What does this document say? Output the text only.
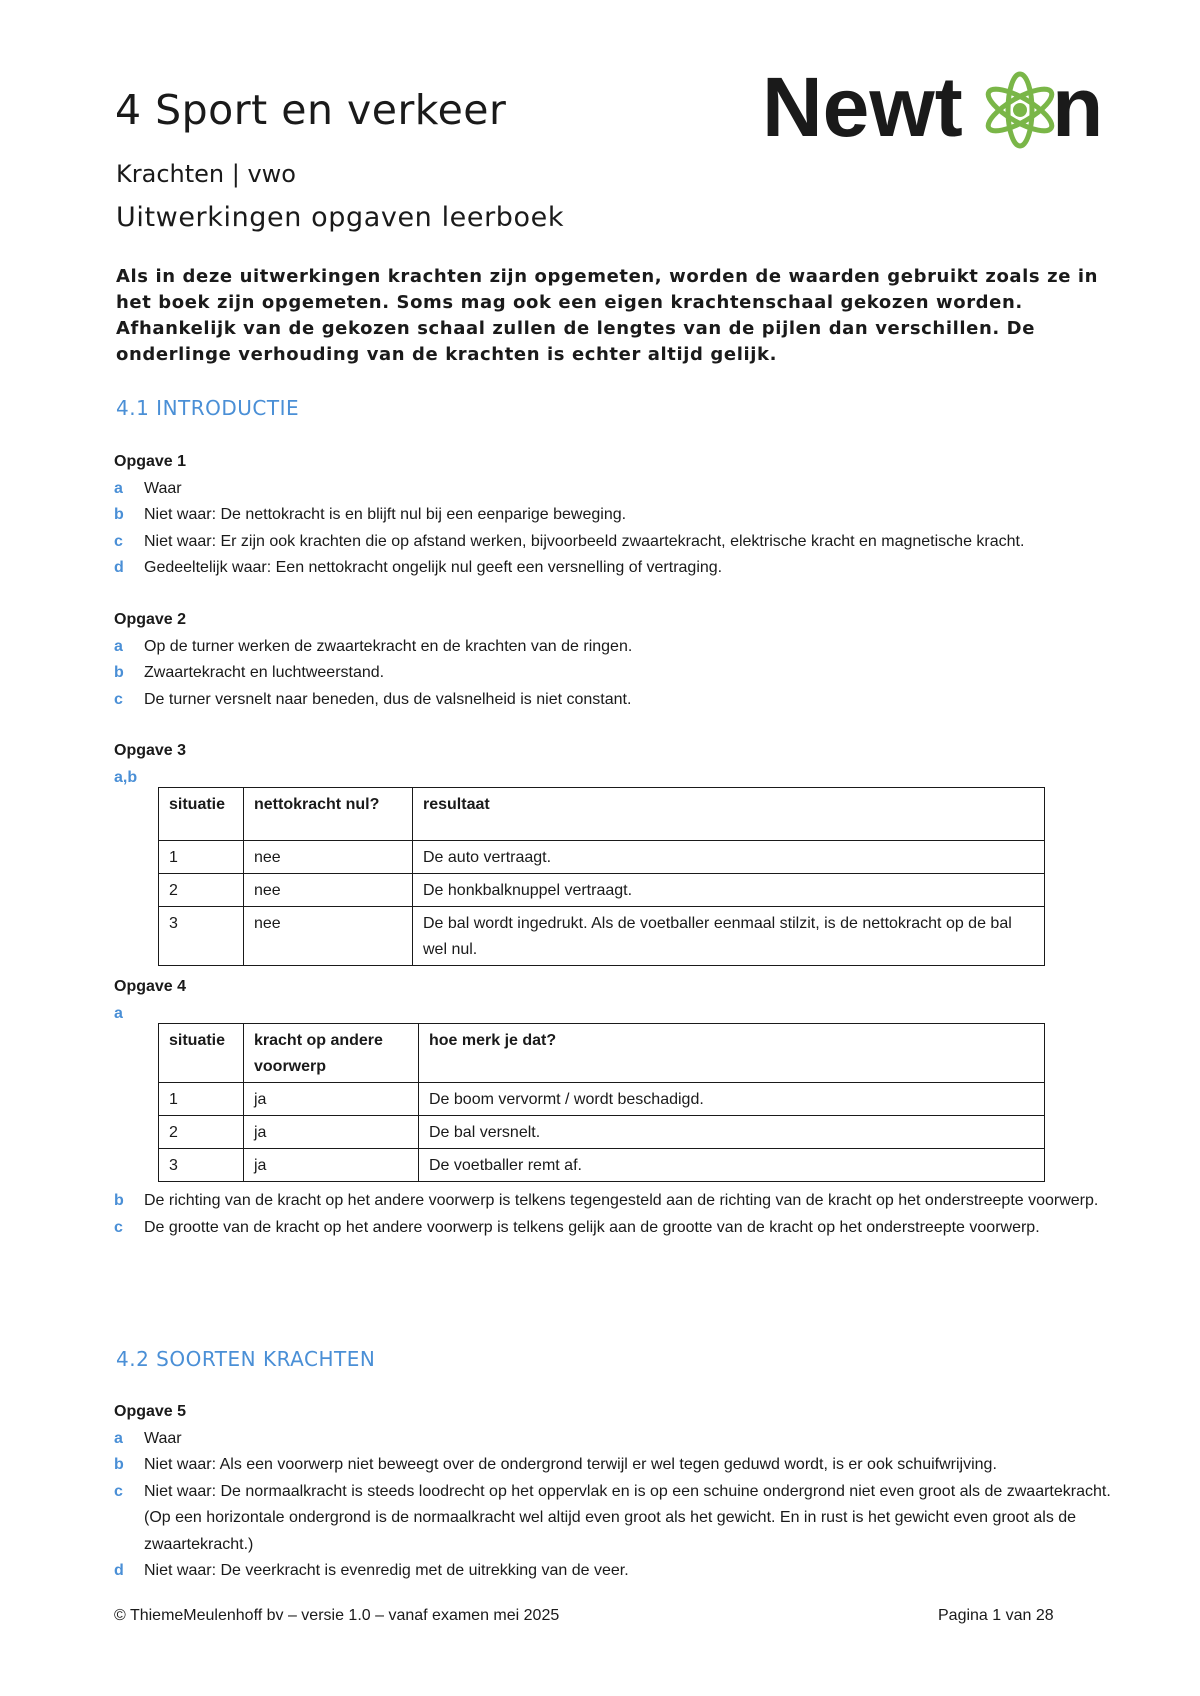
4 Sport en verkeer	Newt n
Krachten | vwo
Uitwerkingen opgaven leerboek

Als in deze uitwerkingen krachten zijn opgemeten, worden de waarden gebruikt zoals ze in het boek zijn opgemeten. Soms mag ook een eigen krachtenschaal gekozen worden. Afhankelijk van de gekozen schaal zullen de lengtes van de pijlen dan verschillen. De onderlinge verhouding van de krachten is echter altijd gelijk.

4.1 INTRODUCTIE

Opgave 1

a Waar

b Niet waar: De nettokracht is en blijft nul bij een eenparige beweging.

c Niet waar: Er zijn ook krachten die op afstand werken, bijvoorbeeld zwaartekracht, elektrische kracht en magnetische kracht.

d Gedeeltelijk waar: Een nettokracht ongelijk nul geeft een versnelling of vertraging.

Opgave 2

a Op de turner werken de zwaartekracht en de krachten van de ringen.

b Zwaartekracht en luchtweerstand.

c De turner versnelt naar beneden, dus de valsnelheid is niet constant.

Opgave 3

a,b

situatie	nettokracht nul?	resultaat
1	nee	De auto vertraagt.
2	nee	De honkbalknuppel vertraagt.
3	nee	De bal wordt ingedrukt. Als de voetballer eenmaal stilzit, is de nettokracht op de bal wel nul.

Opgave 4

a

situatie	kracht op andere voorwerp	hoe merk je dat?
1	ja	De boom vervormt / wordt beschadigd.
2	ja	De bal versnelt.
3	ja	De voetballer remt af.

b De richting van de kracht op het andere voorwerp is telkens tegengesteld aan de richting van de kracht op het onderstreepte voorwerp.

c De grootte van de kracht op het andere voorwerp is telkens gelijk aan de grootte van de kracht op het onderstreepte voorwerp.

4.2 SOORTEN KRACHTEN

Opgave 5

a Waar

b Niet waar: Als een voorwerp niet beweegt over de ondergrond terwijl er wel tegen geduwd wordt, is er ook schuifwrijving.

c Niet waar: De normaalkracht is steeds loodrecht op het oppervlak en is op een schuine ondergrond niet even groot als de zwaartekracht. (Op een horizontale ondergrond is de normaalkracht wel altijd even groot als het gewicht. En in rust is het gewicht even groot als de zwaartekracht.)

d Niet waar: De veerkracht is evenredig met de uitrekking van de veer.

© ThiemeMeulenhoff bv – versie 1.0 – vanaf examen mei 2025	Pagina 1 van 28
